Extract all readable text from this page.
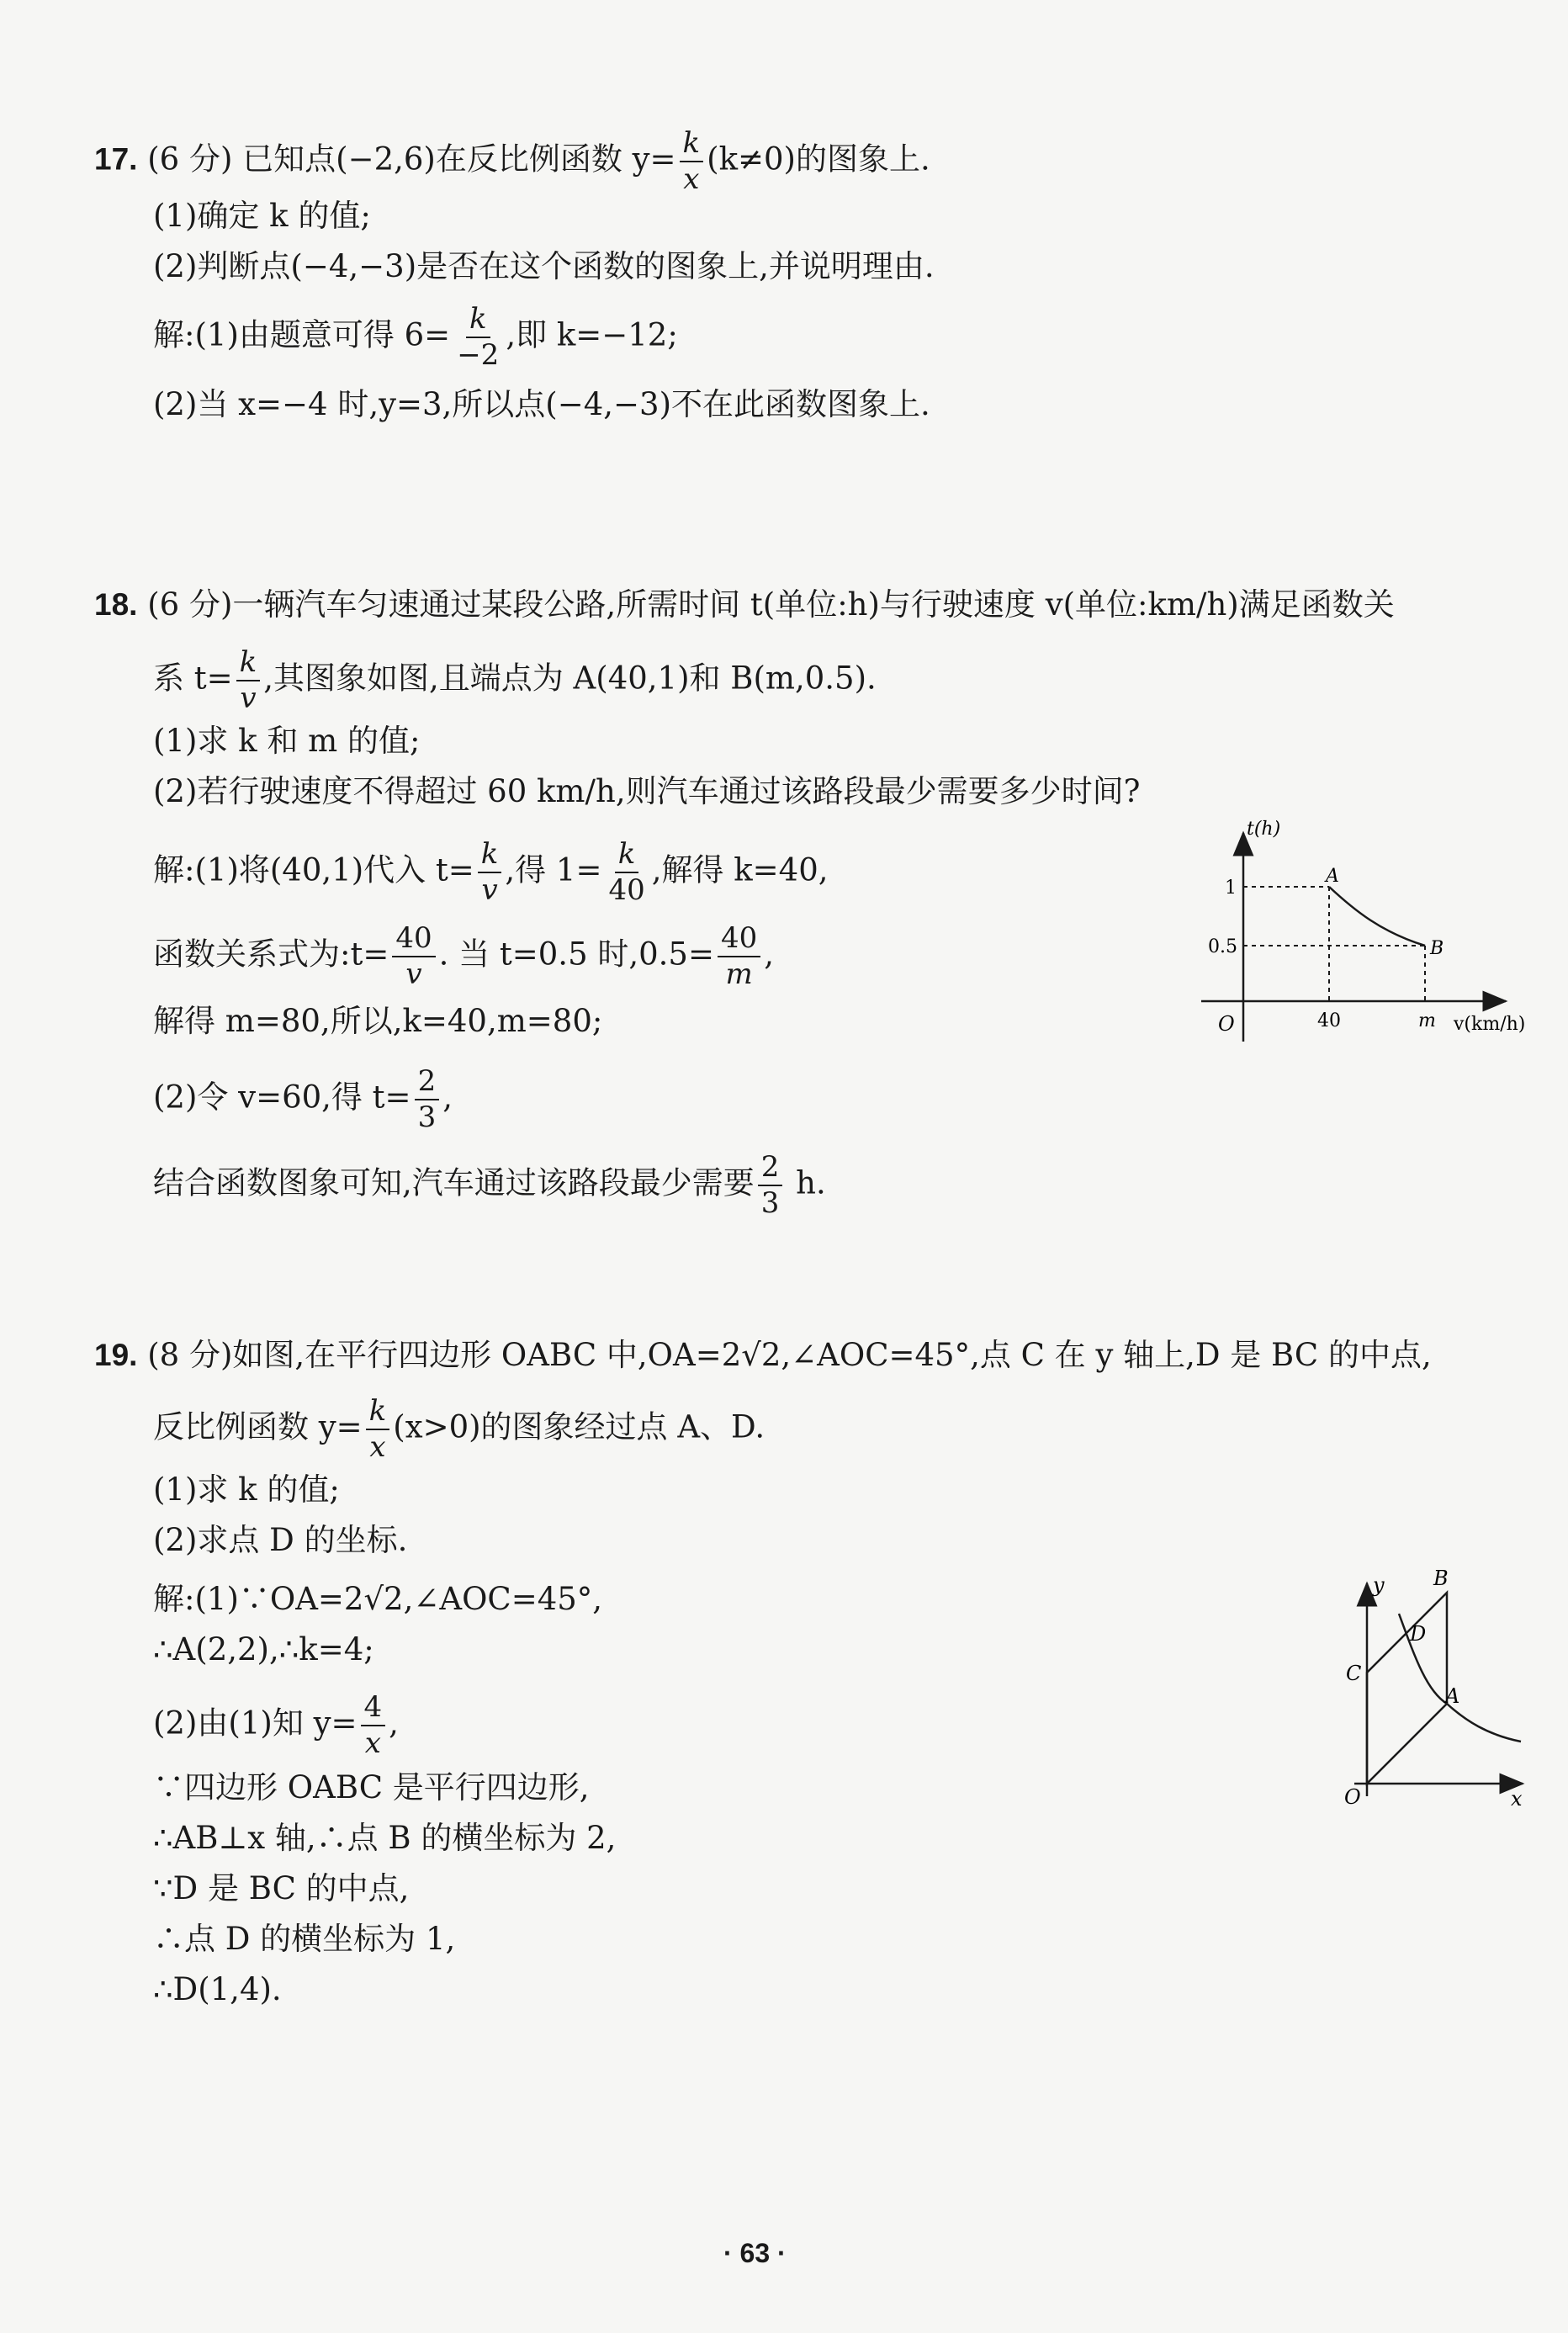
17. (6 分) 已知点(−2,6)在反比例函数 $y= \frac{k}{x} (k\ne 0)$的图象上.
(1)确定 k 的值;
(2)判断点(−4,−3)是否在这个函数的图象上,并说明理由.
解:(1)由题意可得 $6= \frac{k}{-2}$ ,即 k=−12;
(2)当 x=−4 时,y=3,所以点(−4,−3)不在此函数图象上.
18. (6 分)一辆汽车匀速通过某段公路,所需时间 t(单位:h)与行驶速度 v(单位:km/h)满足函数关
系 $t= \frac{k}{v}$ ,其图象如图,且端点为 A(40,1)和 B(m,0.5).
(1)求 k 和 m 的值;
(2)若行驶速度不得超过 60 km/h,则汽车通过该路段最少需要多少时间?
解:(1)将(40,1)代入 $t= \frac{k}{v}$ ,得 $1= \frac{k}{40}$ ,解得 k=40,
函数关系式为:t= $\frac{40}{v}$ . 当 t=0.5 时$,0.5= \frac{40}{m}$ ,
解得 m=80,所以,k=40,m=80;
(2)令 v=60,得 $t= \frac{2}{3}$ ,
结合函数图象可知,汽车通过该路段最少需要 $\frac{2}{3} h$.
t(h)
v(km/h)
O
1
0.5
40	m
A
B
19. (8 分)如图,在平行四边形 OABC 中,OA=2√2,∠AOC=45°,点 C 在 y 轴上,D 是 BC 的中点,
反比例函数 $y= \frac{k}{x} (x>0)$的图象经过点 A、D.
(1)求 k 的值;
(2)求点 D 的坐标.
解:(1)∵OA=2√2,∠AOC=45°,
∴A(2,2),∴k=4;
(2)由(1)知 $y= \frac{4}{x}$ ,
∵四边形 OABC 是平行四边形,
∴AB⊥x 轴,∴点 B 的横坐标为 2,
∵D 是 BC 的中点,
∴点 D 的横坐标为 1,
∴D(1,4).
y
x
O
A
B
C
D
· 63 ·
